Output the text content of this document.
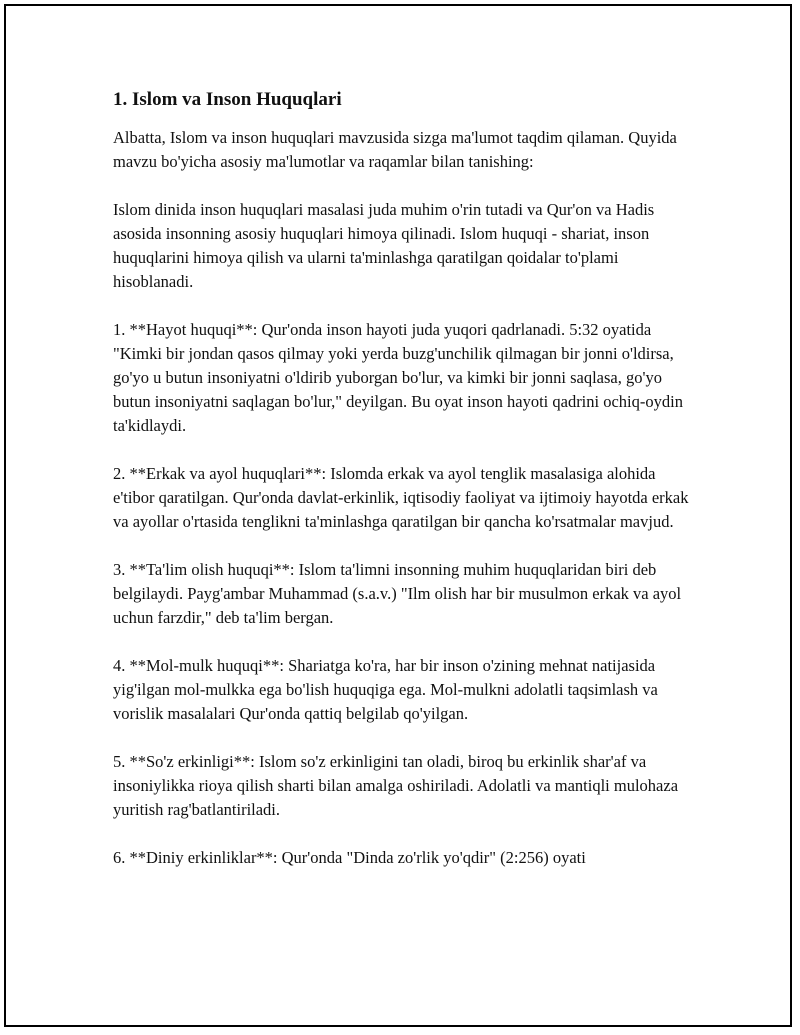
1. Islom va Inson Huquqlari

Albatta, Islom va inson huquqlari mavzusida sizga ma'lumot taqdim qilaman. Quyida mavzu bo'yicha asosiy ma'lumotlar va raqamlar bilan tanishing:

Islom dinida inson huquqlari masalasi juda muhim o'rin tutadi va Qur'on va Hadis asosida insonning asosiy huquqlari himoya qilinadi. Islom huquqi - shariat, inson huquqlarini himoya qilish va ularni ta'minlashga qaratilgan qoidalar to'plami hisoblanadi.

1. **Hayot huquqi**: Qur'onda inson hayoti juda yuqori qadrlanadi. 5:32 oyatida "Kimki bir jondan qasos qilmay yoki yerda buzg'unchilik qilmagan bir jonni o'ldirsa, go'yo u butun insoniyatni o'ldirib yuborgan bo'lur, va kimki bir jonni saqlasa, go'yo butun insoniyatni saqlagan bo'lur," deyilgan. Bu oyat inson hayoti qadrini ochiq-oydin ta'kidlaydi.

2. **Erkak va ayol huquqlari**: Islomda erkak va ayol tenglik masalasiga alohida e'tibor qaratilgan. Qur'onda davlat-erkinlik, iqtisodiy faoliyat va ijtimoiy hayotda erkak va ayollar o'rtasida tenglikni ta'minlashga qaratilgan bir qancha ko'rsatmalar mavjud.

3. **Ta'lim olish huquqi**: Islom ta'limni insonning muhim huquqlaridan biri deb belgilaydi. Payg'ambar Muhammad (s.a.v.) "Ilm olish har bir musulmon erkak va ayol uchun farzdir," deb ta'lim bergan.

4. **Mol-mulk huquqi**: Shariatga ko'ra, har bir inson o'zining mehnat natijasida yig'ilgan mol-mulkka ega bo'lish huquqiga ega. Mol-mulkni adolatli taqsimlash va vorislik masalalari Qur'onda qattiq belgilab qo'yilgan.

5. **So'z erkinligi**: Islom so'z erkinligini tan oladi, biroq bu erkinlik shar'af va insoniylikka rioya qilish sharti bilan amalga oshiriladi. Adolatli va mantiqli mulohaza yuritish rag'batlantiriladi.

6. **Diniy erkinliklar**: Qur'onda "Dinda zo'rlik yo'qdir" (2:256) oyati
